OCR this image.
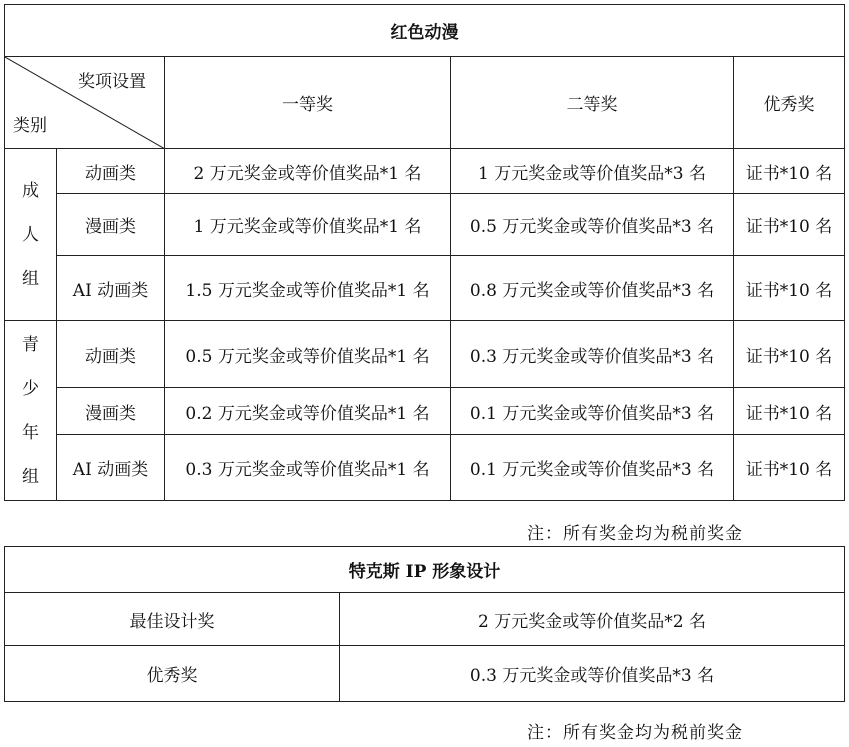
红色动漫				

奖项设置
类别		一等奖	二等奖	优秀奖

成
人
组	动画类	2 万元奖金或等价值奖品*1 名	1 万元奖金或等价值奖品*3 名	证书*10 名
	漫画类	1 万元奖金或等价值奖品*1 名	0.5 万元奖金或等价值奖品*3 名	证书*10 名
	AI 动画类	1.5 万元奖金或等价值奖品*1 名	0.8 万元奖金或等价值奖品*3 名	证书*10 名

青
少
年
组	动画类	0.5 万元奖金或等价值奖品*1 名	0.3 万元奖金或等价值奖品*3 名	证书*10 名
	漫画类	0.2 万元奖金或等价值奖品*1 名	0.1 万元奖金或等价值奖品*3 名	证书*10 名
	AI 动画类	0.3 万元奖金或等价值奖品*1 名	0.1 万元奖金或等价值奖品*3 名	证书*10 名
注：所有奖金均为税前奖金
特克斯 IP 形象设计	
最佳设计奖	2 万元奖金或等价值奖品*2 名
优秀奖	0.3 万元奖金或等价值奖品*3 名
注：所有奖金均为税前奖金
